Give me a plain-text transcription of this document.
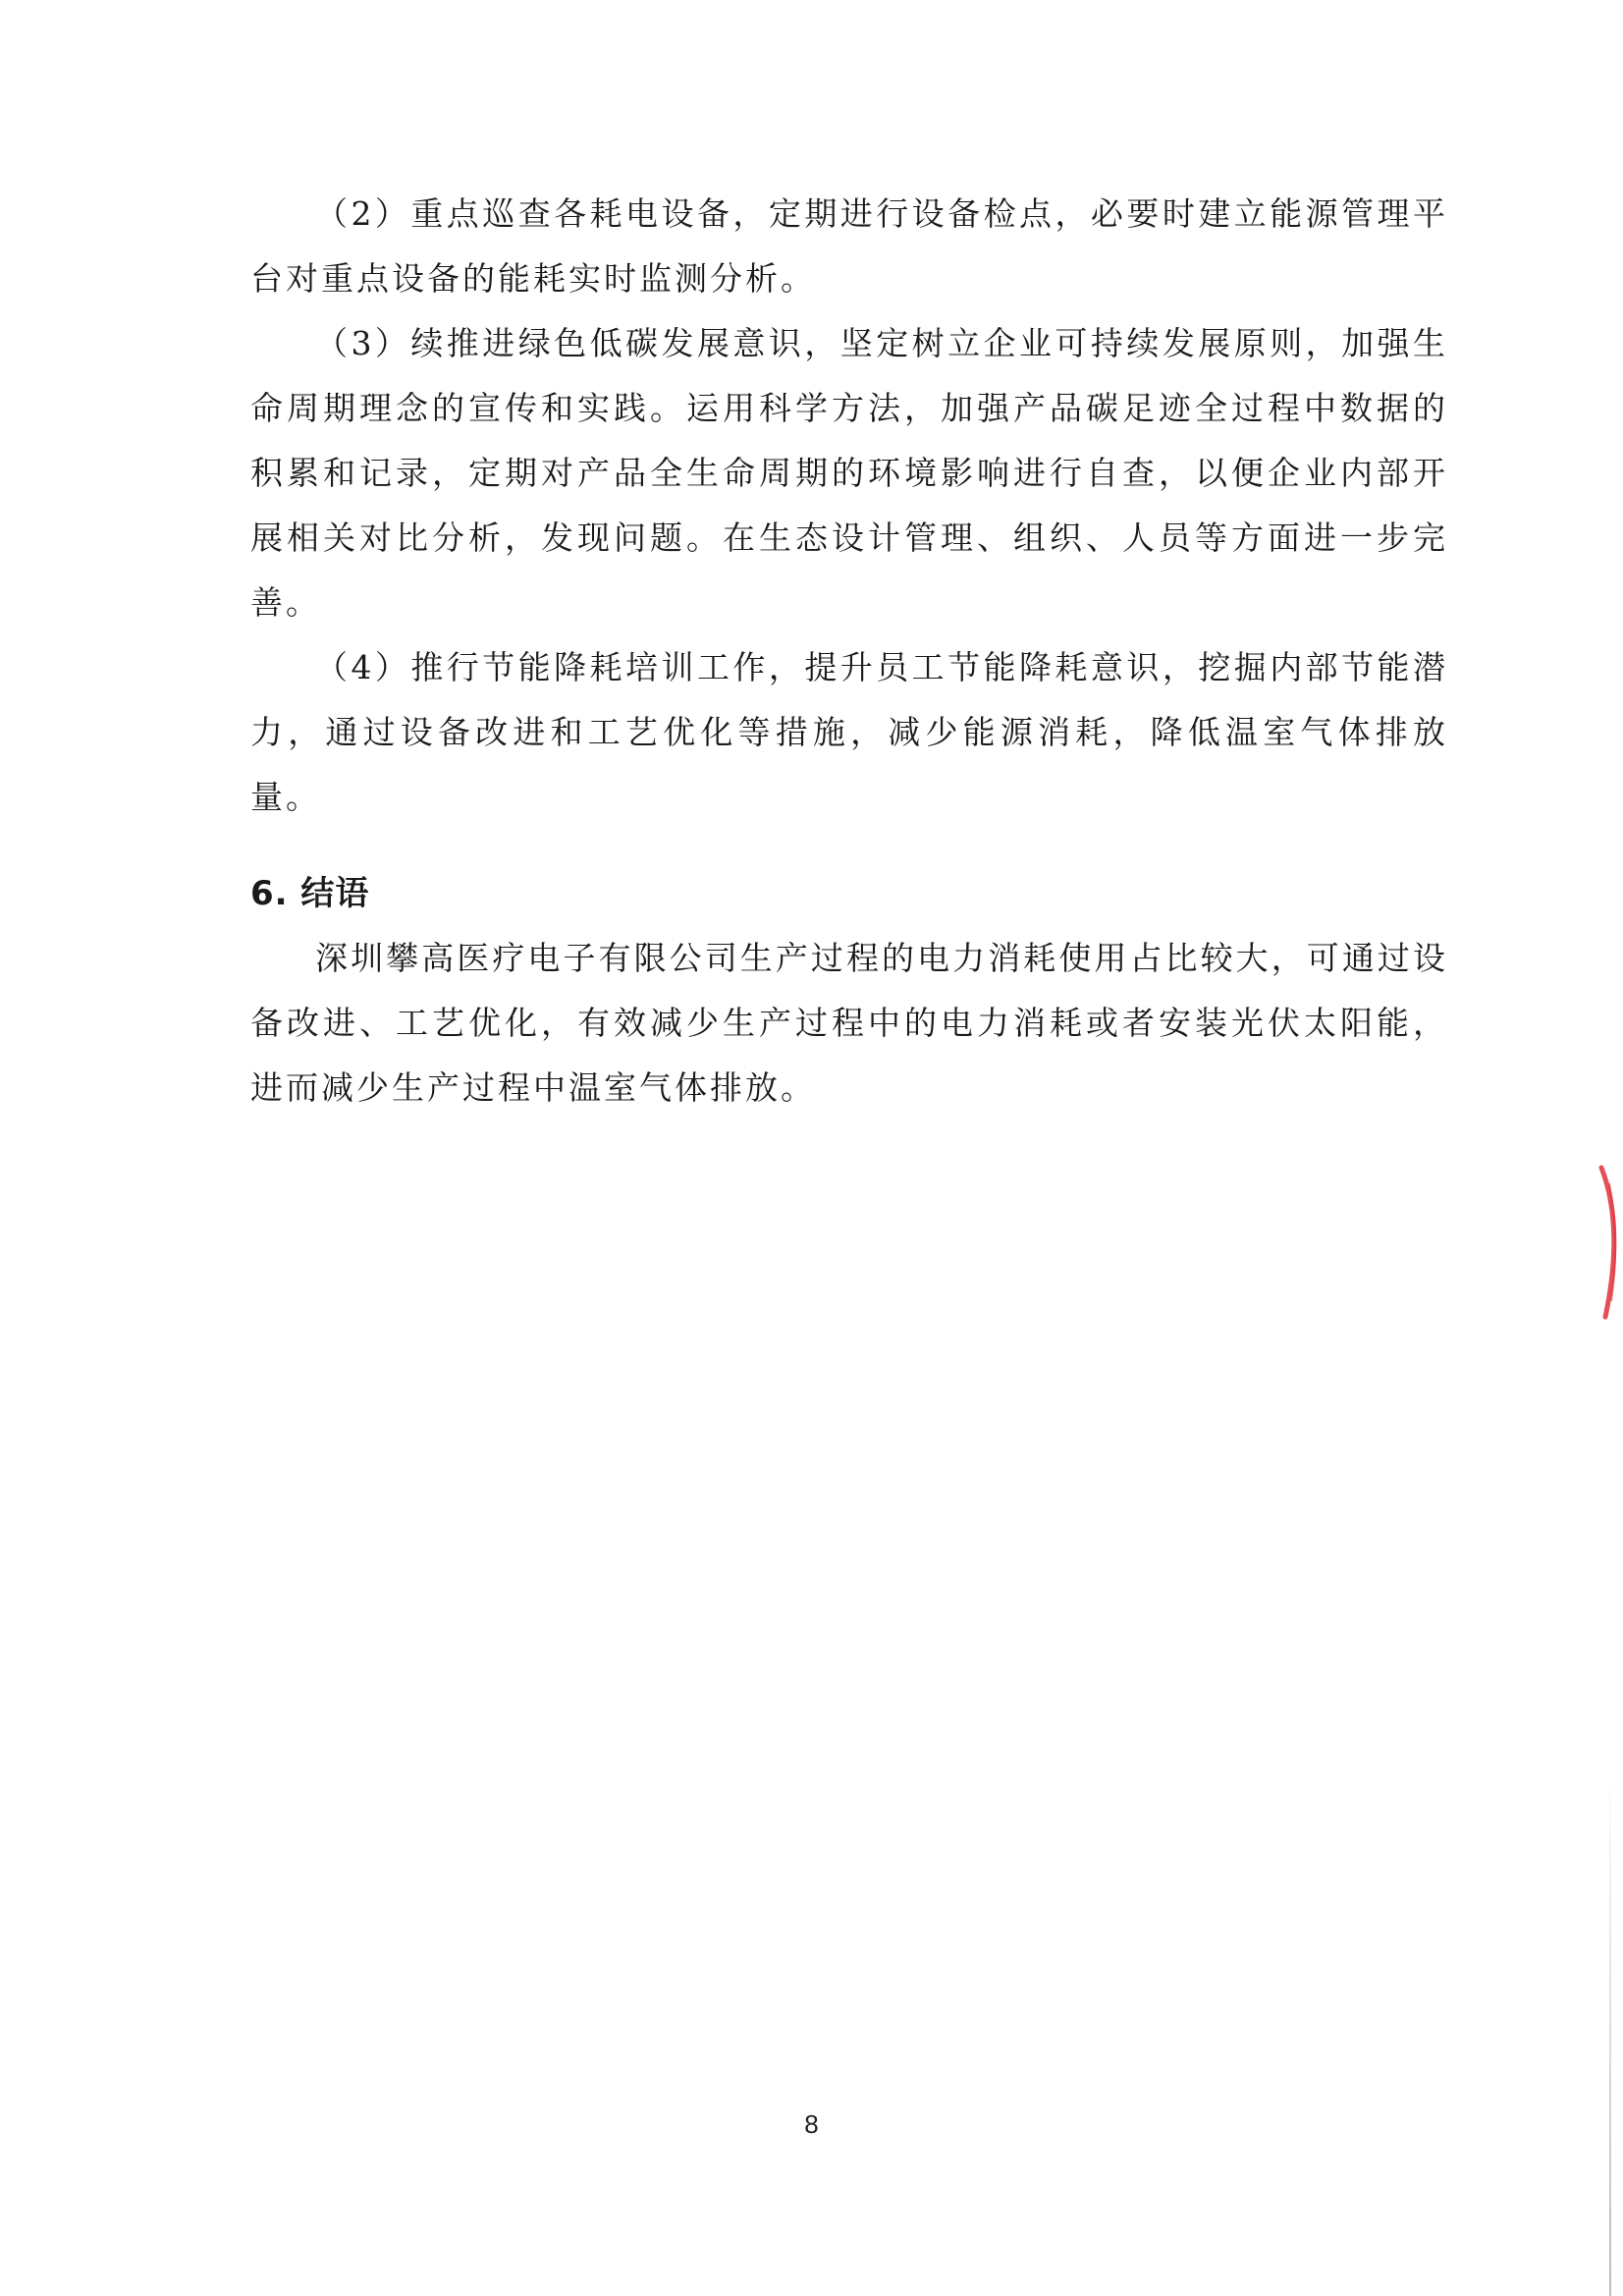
（2）重点巡查各耗电设备，定期进行设备检点，必要时建立能源管理平台对重点设备的能耗实时监测分析。

（3）续推进绿色低碳发展意识，坚定树立企业可持续发展原则，加强生命周期理念的宣传和实践。运用科学方法，加强产品碳足迹全过程中数据的积累和记录，定期对产品全生命周期的环境影响进行自查，以便企业内部开展相关对比分析，发现问题。在生态设计管理、组织、人员等方面进一步完善。

（4）推行节能降耗培训工作，提升员工节能降耗意识，挖掘内部节能潜力，通过设备改进和工艺优化等措施，减少能源消耗，降低温室气体排放量。

6. 结语

深圳攀高医疗电子有限公司生产过程的电力消耗使用占比较大，可通过设备改进、工艺优化，有效减少生产过程中的电力消耗或者安装光伏太阳能，进而减少生产过程中温室气体排放。

8
